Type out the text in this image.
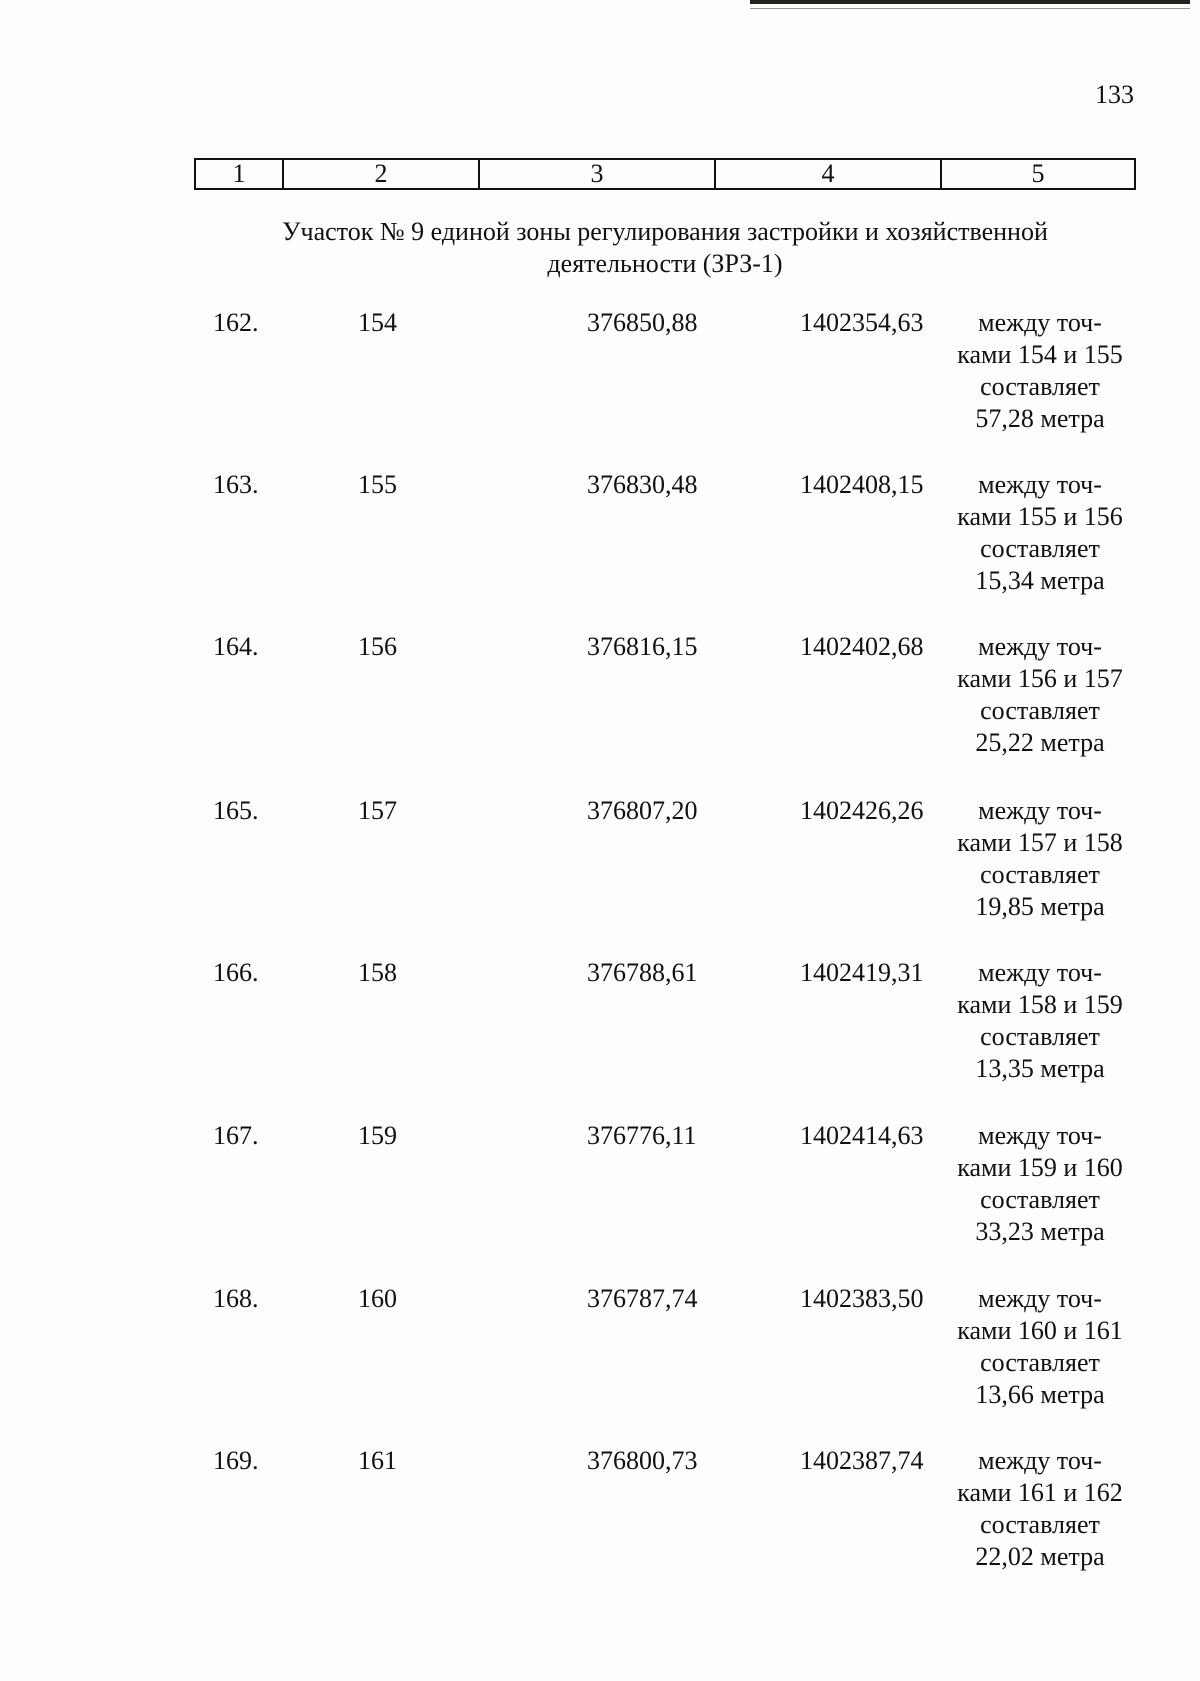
133
1	2	3	4	5
Участок № 9 единой зоны регулирования застройки и хозяйственной
деятельности (ЗРЗ-1)
162.	154	376850,88	1402354,63	между точ-
ками 154 и 155
составляет
57,28 метра
163.	155	376830,48	1402408,15	между точ-
ками 155 и 156
составляет
15,34 метра
164.	156	376816,15	1402402,68	между точ-
ками 156 и 157
составляет
25,22 метра
165.	157	376807,20	1402426,26	между точ-
ками 157 и 158
составляет
19,85 метра
166.	158	376788,61	1402419,31	между точ-
ками 158 и 159
составляет
13,35 метра
167.	159	376776,11	1402414,63	между точ-
ками 159 и 160
составляет
33,23 метра
168.	160	376787,74	1402383,50	между точ-
ками 160 и 161
составляет
13,66 метра
169.	161	376800,73	1402387,74	между точ-
ками 161 и 162
составляет
22,02 метра
